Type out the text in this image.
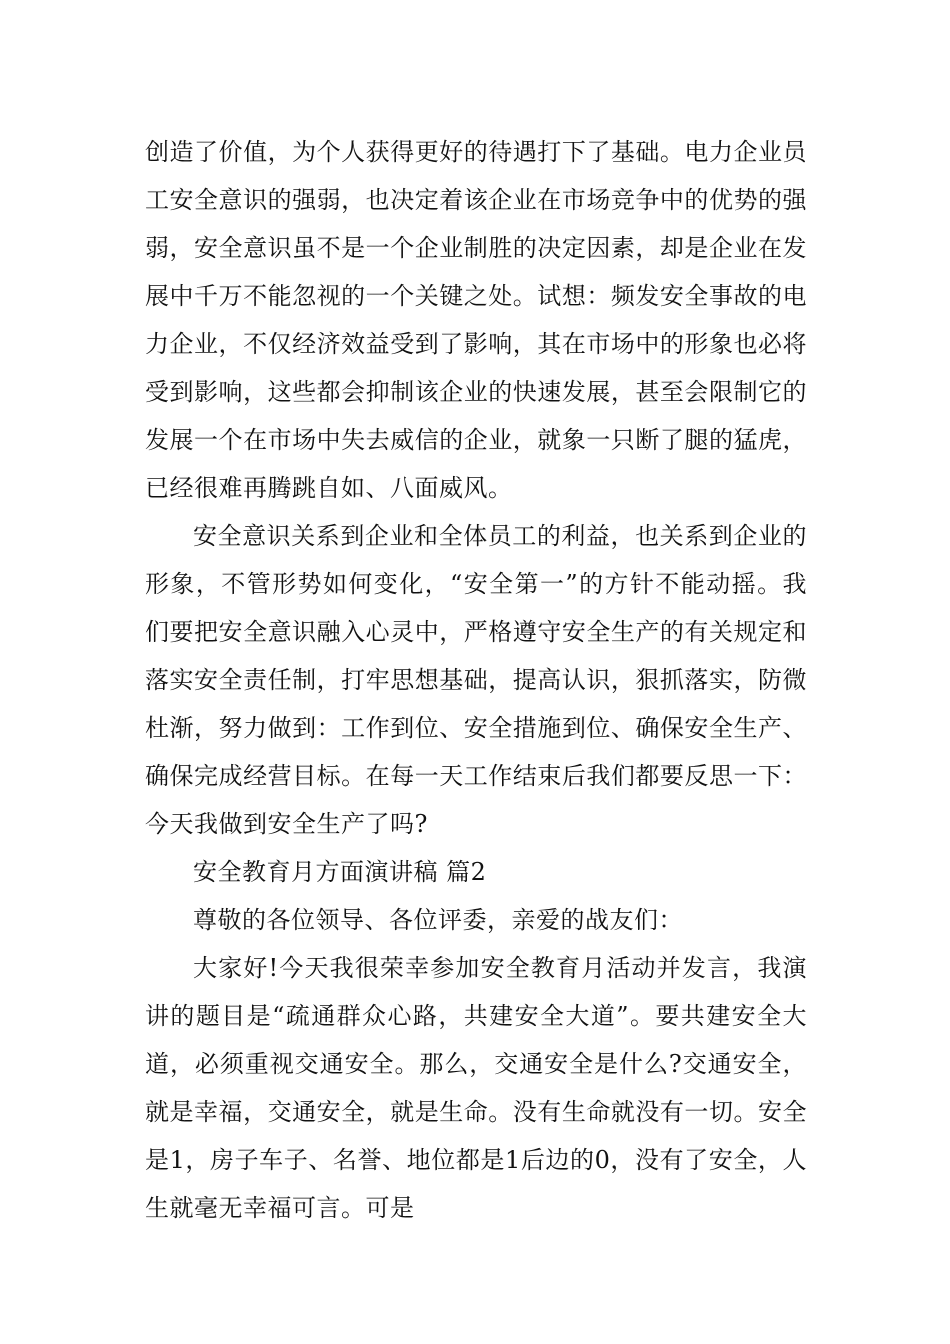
创造了价值，为个人获得更好的待遇打下了基础。电力企业员工安全意识的强弱，也决定着该企业在市场竞争中的优势的强弱，安全意识虽不是一个企业制胜的决定因素，却是企业在发展中千万不能忽视的一个关键之处。试想：频发安全事故的电力企业，不仅经济效益受到了影响，其在市场中的形象也必将受到影响，这些都会抑制该企业的快速发展，甚至会限制它的发展一个在市场中失去威信的企业，就象一只断了腿的猛虎，已经很难再腾跳自如、八面威风。

安全意识关系到企业和全体员工的利益，也关系到企业的形象，不管形势如何变化，“安全第一”的方针不能动摇。我们要把安全意识融入心灵中，严格遵守安全生产的有关规定和落实安全责任制，打牢思想基础，提高认识，狠抓落实，防微杜渐，努力做到：工作到位、安全措施到位、确保安全生产、确保完成经营目标。在每一天工作结束后我们都要反思一下：今天我做到安全生产了吗?

安全教育月方面演讲稿 篇2

尊敬的各位领导、各位评委，亲爱的战友们：

大家好!今天我很荣幸参加安全教育月活动并发言，我演讲的题目是“疏通群众心路，共建安全大道”。要共建安全大道，必须重视交通安全。那么，交通安全是什么?交通安全，就是幸福，交通安全，就是生命。没有生命就没有一切。安全是1，房子车子、名誉、地位都是1后边的0，没有了安全，人生就毫无幸福可言。可是
